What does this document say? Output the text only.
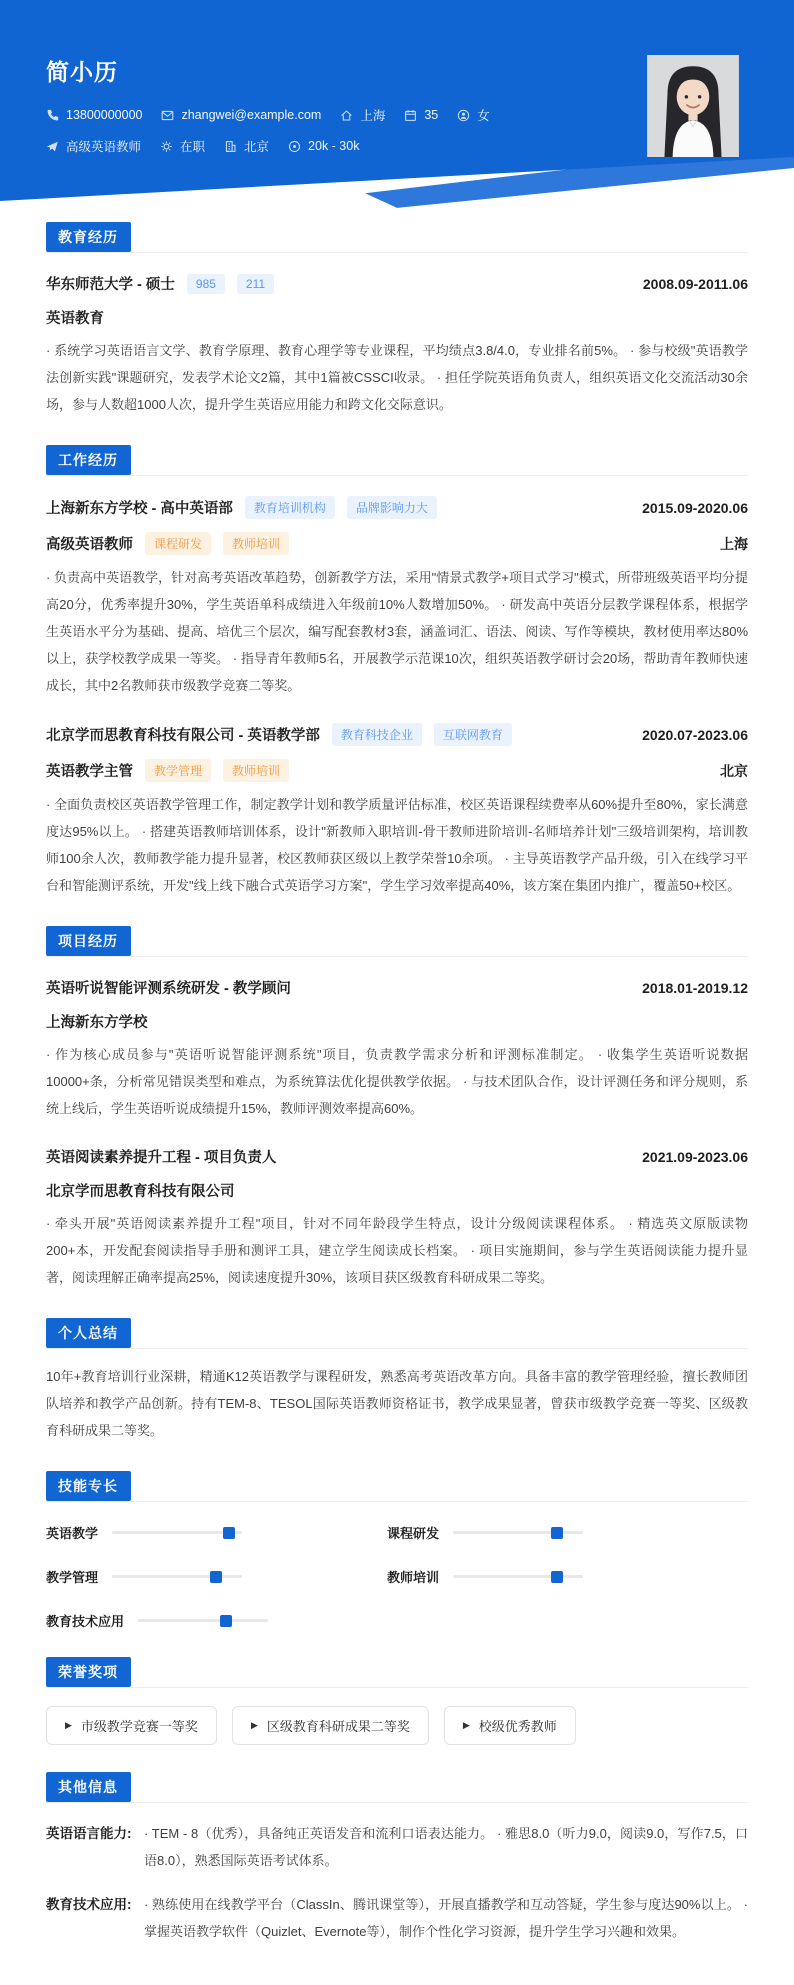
简小历
13800000000	zhangwei@example.com	上海	35	女
高级英语教师	在职	北京	20k - 30k
教育经历
华东师范大学 - 硕士	985	211	2008.09-2011.06
英语教育
· 系统学习英语语言文学、教育学原理、教育心理学等专业课程，平均绩点3.8/4.0，专业排名前5%。 · 参与校级"英语教学法创新实践"课题研究，发表学术论文2篇，其中1篇被CSSCI收录。 · 担任学院英语角负责人，组织英语文化交流活动30余场，参与人数超1000人次，提升学生英语应用能力和跨文化交际意识。
工作经历
上海新东方学校 - 高中英语部	教育培训机构	品牌影响力大	2015.09-2020.06
高级英语教师	课程研发	教师培训	上海
· 负责高中英语教学，针对高考英语改革趋势，创新教学方法，采用"情景式教学+项目式学习"模式，所带班级英语平均分提高20分，优秀率提升30%，学生英语单科成绩进入年级前10%人数增加50%。 · 研发高中英语分层教学课程体系，根据学生英语水平分为基础、提高、培优三个层次，编写配套教材3套，涵盖词汇、语法、阅读、写作等模块，教材使用率达80%以上，获学校教学成果一等奖。 · 指导青年教师5名，开展教学示范课10次，组织英语教学研讨会20场，帮助青年教师快速成长，其中2名教师获市级教学竞赛二等奖。
北京学而思教育科技有限公司 - 英语教学部	教育科技企业	互联网教育	2020.07-2023.06
英语教学主管	教学管理	教师培训	北京
· 全面负责校区英语教学管理工作，制定教学计划和教学质量评估标准，校区英语课程续费率从60%提升至80%，家长满意度达95%以上。 · 搭建英语教师培训体系，设计"新教师入职培训-骨干教师进阶培训-名师培养计划"三级培训架构，培训教师100余人次，教师教学能力提升显著，校区教师获区级以上教学荣誉10余项。 · 主导英语教学产品升级，引入在线学习平台和智能测评系统，开发"线上线下融合式英语学习方案"，学生学习效率提高40%，该方案在集团内推广，覆盖50+校区。
项目经历
英语听说智能评测系统研发 - 教学顾问	2018.01-2019.12
上海新东方学校
· 作为核心成员参与"英语听说智能评测系统"项目，负责教学需求分析和评测标准制定。 · 收集学生英语听说数据10000+条，分析常见错误类型和难点，为系统算法优化提供教学依据。 · 与技术团队合作，设计评测任务和评分规则，系统上线后，学生英语听说成绩提升15%，教师评测效率提高60%。
英语阅读素养提升工程 - 项目负责人	2021.09-2023.06
北京学而思教育科技有限公司
· 牵头开展"英语阅读素养提升工程"项目，针对不同年龄段学生特点，设计分级阅读课程体系。 · 精选英文原版读物200+本，开发配套阅读指导手册和测评工具，建立学生阅读成长档案。 · 项目实施期间，参与学生英语阅读能力提升显著，阅读理解正确率提高25%，阅读速度提升30%，该项目获区级教育科研成果二等奖。
个人总结
10年+教育培训行业深耕，精通K12英语教学与课程研发，熟悉高考英语改革方向。具备丰富的教学管理经验，擅长教师团队培养和教学产品创新。持有TEM-8、TESOL国际英语教师资格证书，教学成果显著，曾获市级教学竞赛一等奖、区级教育科研成果二等奖。
技能专长
英语教学	课程研发
教学管理	教师培训
教育技术应用
荣誉奖项
▶ 市级教学竞赛一等奖	▶ 区级教育科研成果二等奖	▶ 校级优秀教师
其他信息
英语语言能力: · TEM - 8（优秀），具备纯正英语发音和流利口语表达能力。 · 雅思8.0（听力9.0，阅读9.0，写作7.5，口语8.0），熟悉国际英语考试体系。
教育技术应用: · 熟练使用在线教学平台（ClassIn、腾讯课堂等），开展直播教学和互动答疑，学生参与度达90%以上。 · 掌握英语教学软件（Quizlet、Evernote等），制作个性化学习资源，提升学生学习兴趣和效果。
